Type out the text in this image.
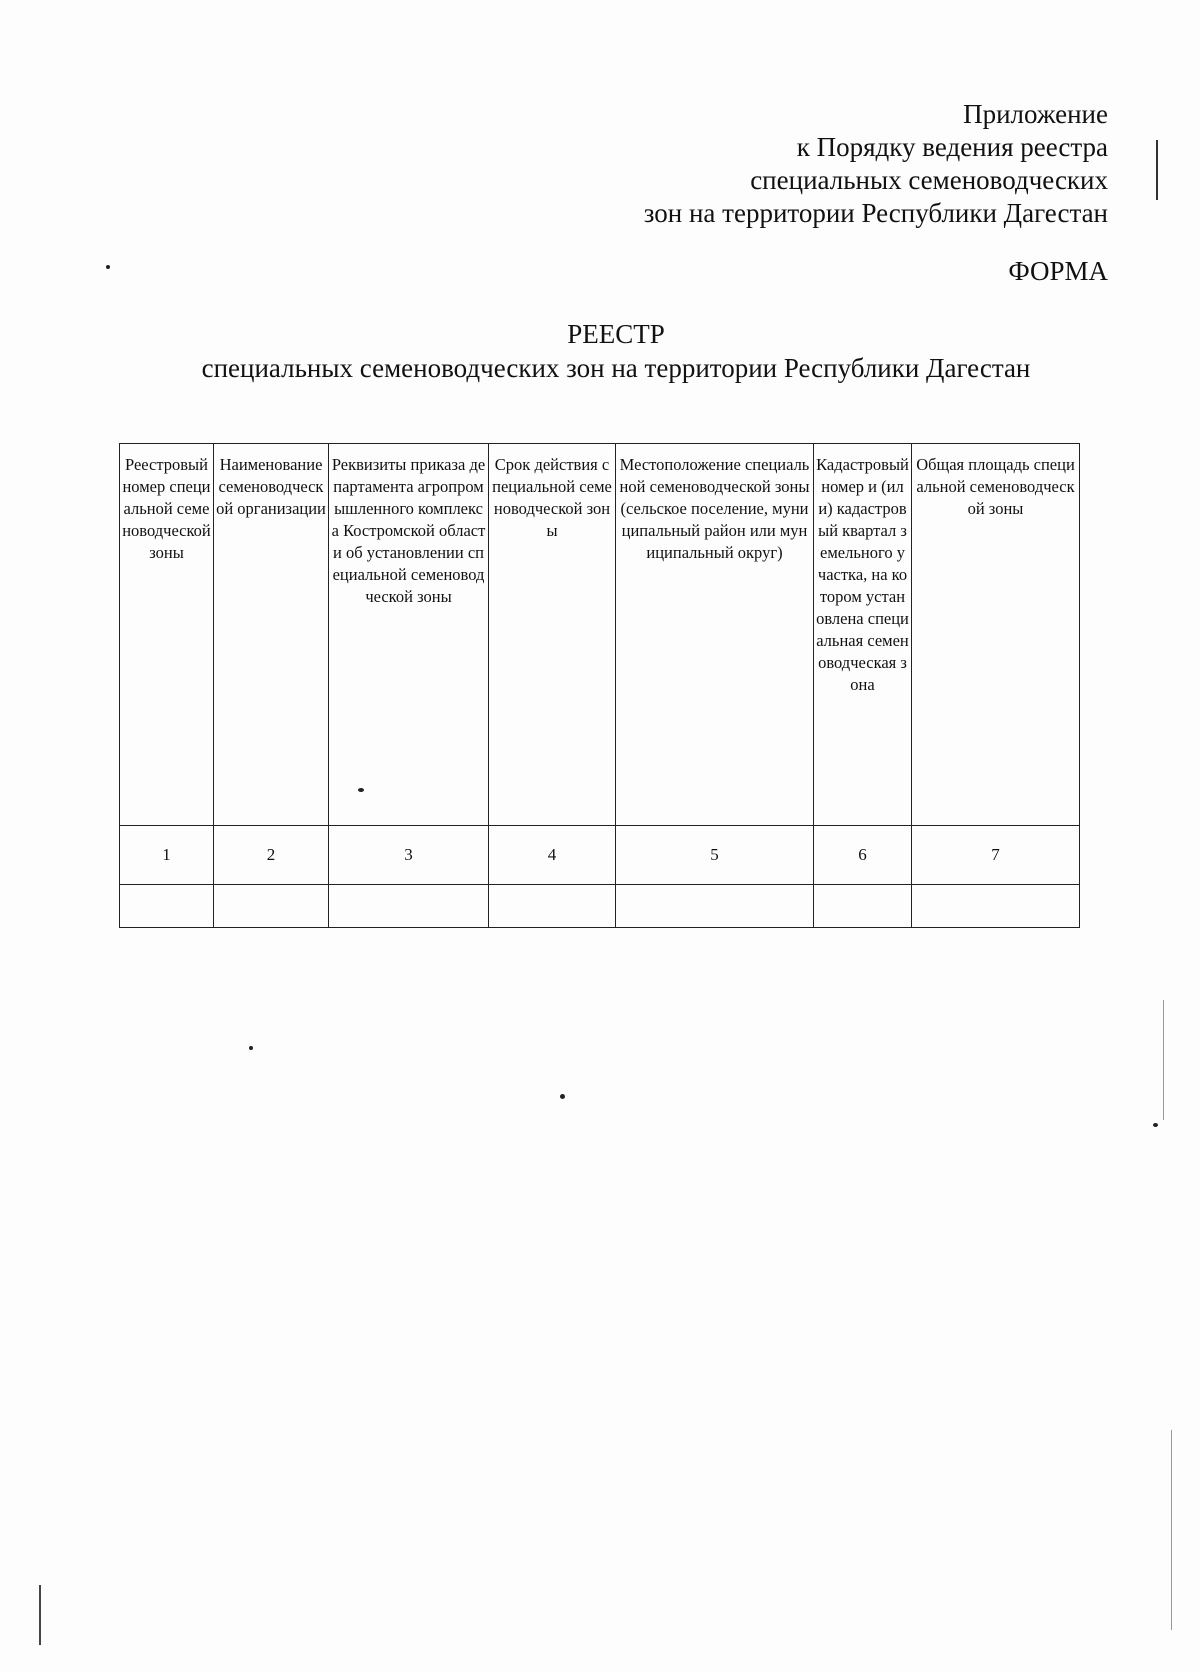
Приложение
к Порядку ведения реестра
специальных семеноводческих
зон на территории Республики Дагестан
ФОРМА
РЕЕСТР
специальных семеноводческих зон на территории Республики Дагестан
Реестровый номер специальной семеноводческой зоны	Наименование семеноводческой организации	Реквизиты приказа департамента агропромышленного комплекса Костромской области об установлении специальной семеноводческой зоны	Срок действия специальной семеноводческой зоны	Местоположение специальной семеноводческой зоны (сельское поселение, муниципальный район или муниципальный округ)	Кадастровый номер и (или) кадастровый квартал земельного участка, на котором установлена специальная семеноводческая зона	Общая площадь специальной семеноводческой зоны
1	2	3	4	5	6	7
